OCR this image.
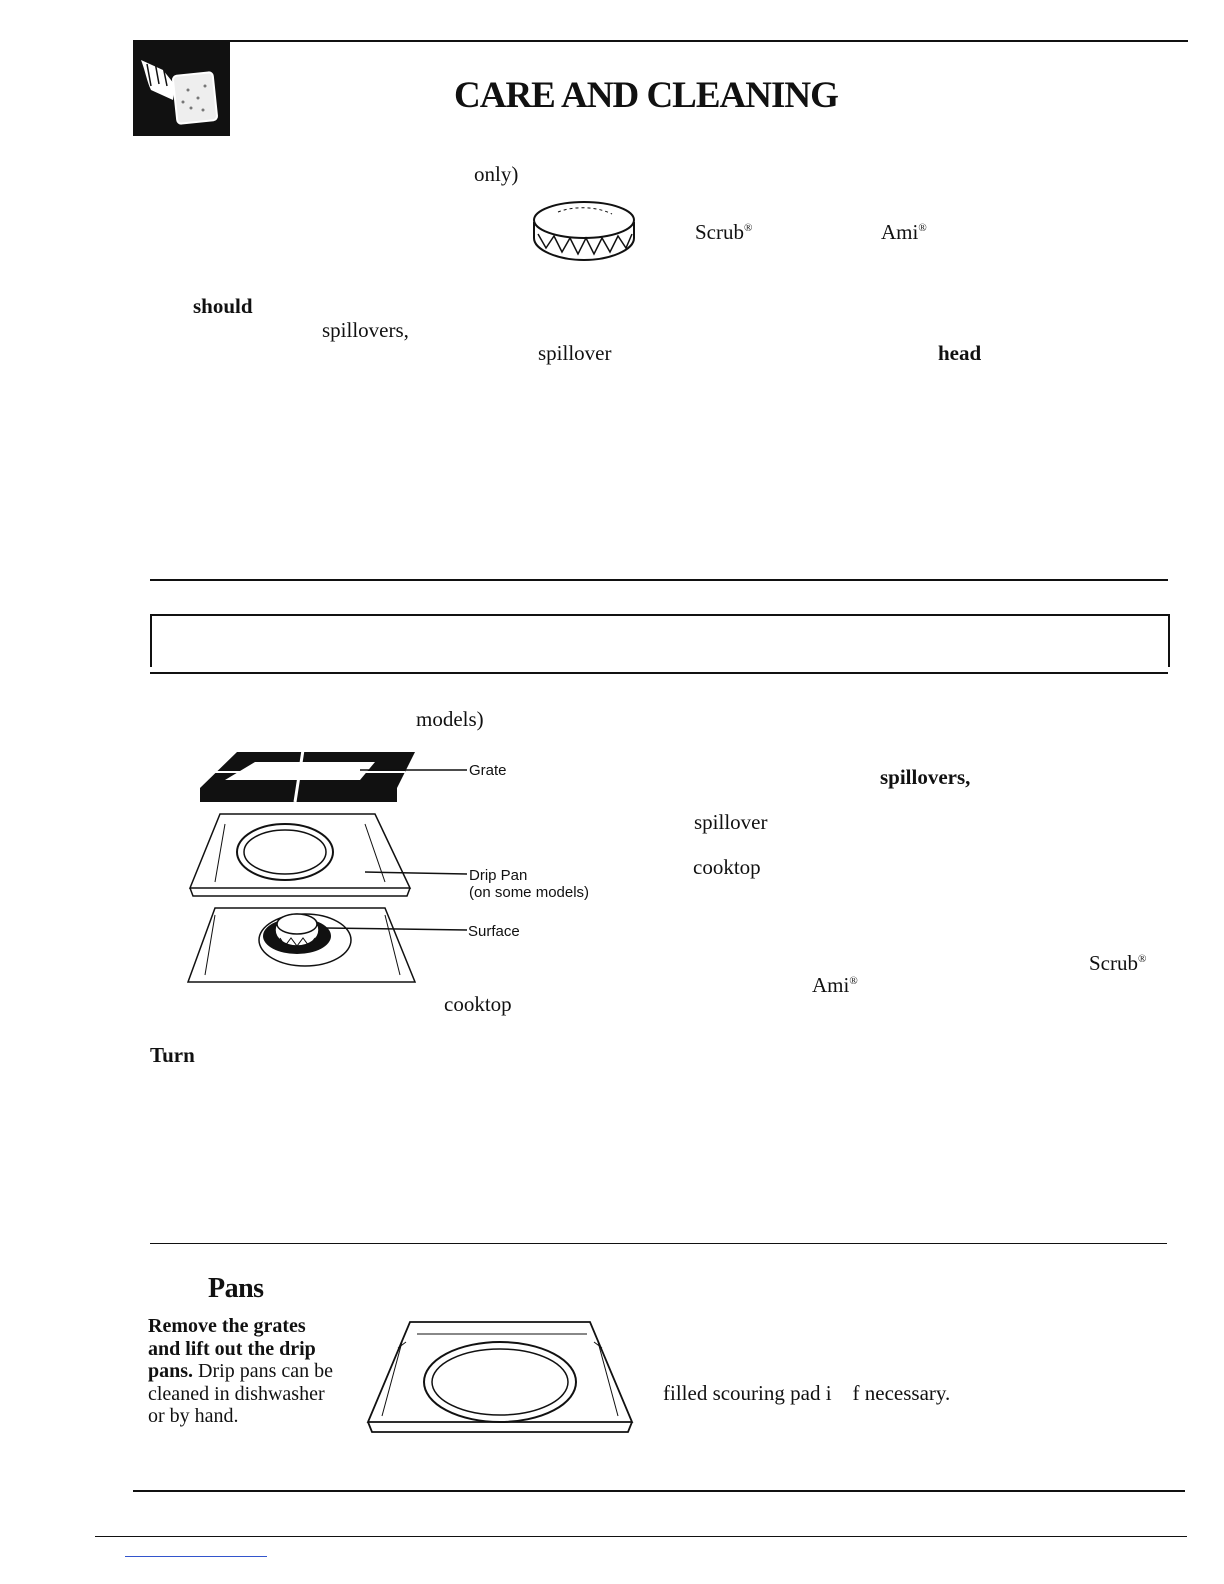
CARE AND CLEANING
only)
Scrub®	Ami®
should
spillovers,
spillover	head
models)
Grate
Drip Pan
(on some models)
Surface
cooktop
Turn
spillovers,
spillover
cooktop
Scrub®
Ami®
Pans
Remove the grates
and lift out the drip
pans. Drip pans can be
cleaned in dishwasher
or by hand.
filled scouring pad i    f necessary.
